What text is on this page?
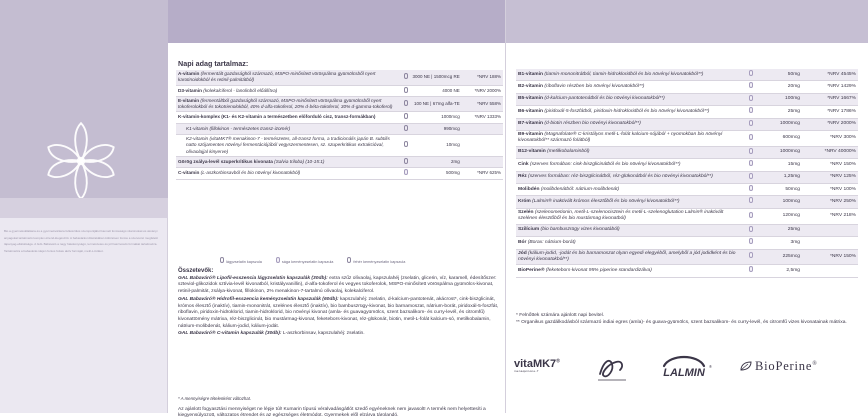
Bio a gyermekvállalásra és a gyermekvárásra felkészülés szempontjából kiemelt fontosságú vitaminokat és ásványi anyagokat tartalmazó komplex étrend-kiegészítő. A babavárás időszakában különösen fontos a szervezet megfelelő tápanyag-ellátottsága. A GAL Babaváró a nagy hatékonyságú, természetes és jól hasznosuló formákat tartalmazza. Tartalmazza a babavárás idején fontos folsav aktív formáját, metil-L-folátot.
Napi adag tartalmaz:
A-vitamin (fermentált gazdasághól származó, MSPO-minősített vöröspálma gyümölcsből nyert karotinoidokból és retinil-palmitátból)		3000 NE | 1500mcg RE	*NRV 188%
D3-vitamin (kolekalciferol - lanolinból előállítva)		4000 NE	*NRV 2000%
E-vitamin (fermentáltból gazdasághól származó, MSPO-minősített vöröspálma gyümölcsből nyert tokoferolokból és tokotrienolokból, 40% d-alfa-tokoferol, 20% d-béta-tokoferol, 30% d-gamma-tokoferol)		100 NE | 67mg alfa-TE	*NRV 558%
K-vitamin-komplex (K1- és K2-vitamin a természetben előforduló cisz, transz-formákban)		1000mcg	*NRV 1333%
K1-vitamin (fillokinon - természetes transz-izomér)		990mcg	
K2-vitamin (vitaMK7® menakinon-7 - természetes, all-transz forma, a tradicionális japán B. subtilis natto szójamentes növényi fermentációjából vegyszermentesen, sz. szuperkritikus extrakcióval, olívaolajjal kinyerve)		10mcg	
Görög zsálya-levél szuperkritikus kivonata (Salvia triloba) (10-15:1)		2mg	
C-vitamin (L-aszkorbinsavból és bio növényi kivonatokból)		500mg	*NRV 625%
lágyzselatin kapszula	sága keményzselatin kapszula	fehér keményzselatin kapszula
Összetevők:

GAL Babaváró® Lipofil-esszencia lágyzselatin kapszulák (30db): extra szűz olívaolaj, kapszulahéj (zselatin, glicerin, víz, karamell, édesítőszer: szteviol-glikozidok sztívia-levél kivonatból, kristályvanillin), d-alfa-tokoferol és vegyes tokoferolok, MSPO-minősített vöröspálma gyümölcs-kivonat, retinil-palmitát, zsálya-kivonat, fillokinon, 2% menakinon-7-tartalmú olívaolaj, kolekalciferol.

GAL Babaváró® Hidrofil-esszencia keményzselatin kapszulák (60db): kapszulahéj: zselatin, d-kalcium-pantotenát, akácrost*, cink-biszglicinát, krómos élesztő (inaktív), tiamin-mononitrát, szelénes élesztő (inaktív), bio bambuszrügy-kivonat, bio barnamoszat, nátrium-borát, piridoxál-5-foszfát, riboflavin, piridoxin-hidroklorid, tiamin-hidroklorid, bio növényi kivonat (amla- és guavagyümölcs, szent bazsalikom- és curry-levél, és citromfű) kivonattömény mátrixa, réz-biszglicinát, bio mustármag-kivonat, feketebors-kivonat, réz-glükonát, biotin, metil-L-folát kalcium-só, metilkobalamin, nátrium-molibdenát, kálium-jodid, kálium-jodát.

GAL Babaváró® C-vitamin kapszulák (30db): L-aszkorbinsav, kapszulahéj: zselatin.

* A mennyiségre tételenként változhat.
Az ajánlott fogyasztási mennyiséget ne lépje túl! Kumarin típusú véralvadásgátlót szedő egyéneknek nem javasolt! A termék nem helyettesíti a kiegyensúlyozott, változatos étrendet és az egészséges életmódot. Gyermekek elől elzárva tárolandó.
B1-vitamin (tiamin-mononitrátból, tiamin-hidrokloridból és bio növényi kivonatokból**)		50mg	*NRV 4545%
B2-vitamin (riboflavin részben bio növényi kivonatokból**)		20mg	*NRV 1429%
B5-vitamin (d-kalcium-pantotenátból és bio növényi kivonatokból**)		100mg	*NRV 1667%
B6-vitamin (piridoxál-5-foszfátból, piridoxin-hidrokloridból és bio növényi kivonatokból**)		25mg	*NRV 1786%
B7-vitamin (d-biotin részben bio növényi kivonatokból**)		1000mcg	*NRV 2000%
B9-vitamin (Magnafolate® C-kristályos metil-L-folát kalcium-sójából + nyomokban bio növényi kivonatokból** származó folátból)		600mcg	*NRV 300%
B12-vitamin (metilkobalaminból)		1000mcg	*NRV 40000%
Cink (szerves formában: cink-biszglicinátból és bio növényi kivonatokból**)		15mg	*NRV 150%
Réz (szerves formában: réz-biszglicinátból, réz-glükonátból és bio növényi kivonatokból**)		1,25mg	*NRV 125%
Molibdén (molibdenátból: nátrium-molibdenát)		50mcg	*NRV 100%
Króm (Lalmin® inaktivált krómos élesztőből és bio növényi kivonatokból**)		100mcg	*NRV 250%
Szelén (szelenometionin, metil-L-szelenocisztein és metil-L-szelenoglutation Lalmin® inaktivált szelénes élesztőből és bio mustármag kivonatból)		120mcg	*NRV 218%
Szilícium (bio bambuszrügy vizes kivonatából)		25mg	
Bór (Borax: nátrium-borát)		3mg	
Jód (kálium-jodid, -jodát és bio barnamoszat olyan egyedi elegyéből, amelyből a jód jodidként és bio növényi kivonatokból**)		225mcg	*NRV 150%
BioPerine® (feketebors-kivonat 95% piperine standardizálva)		2,5mg	

* Felnőttek számára ajánlott napi bevitel.

** Organikus gazdálkodásból származó indiai egres (amla)- és guava-gyümölcs, szent bazsalikom- és curry-levél, és citromfű vizes kivonatainak mátrixa.

vitaMK7®
menaquinone-7	LALMIN
®	BioPerine®
